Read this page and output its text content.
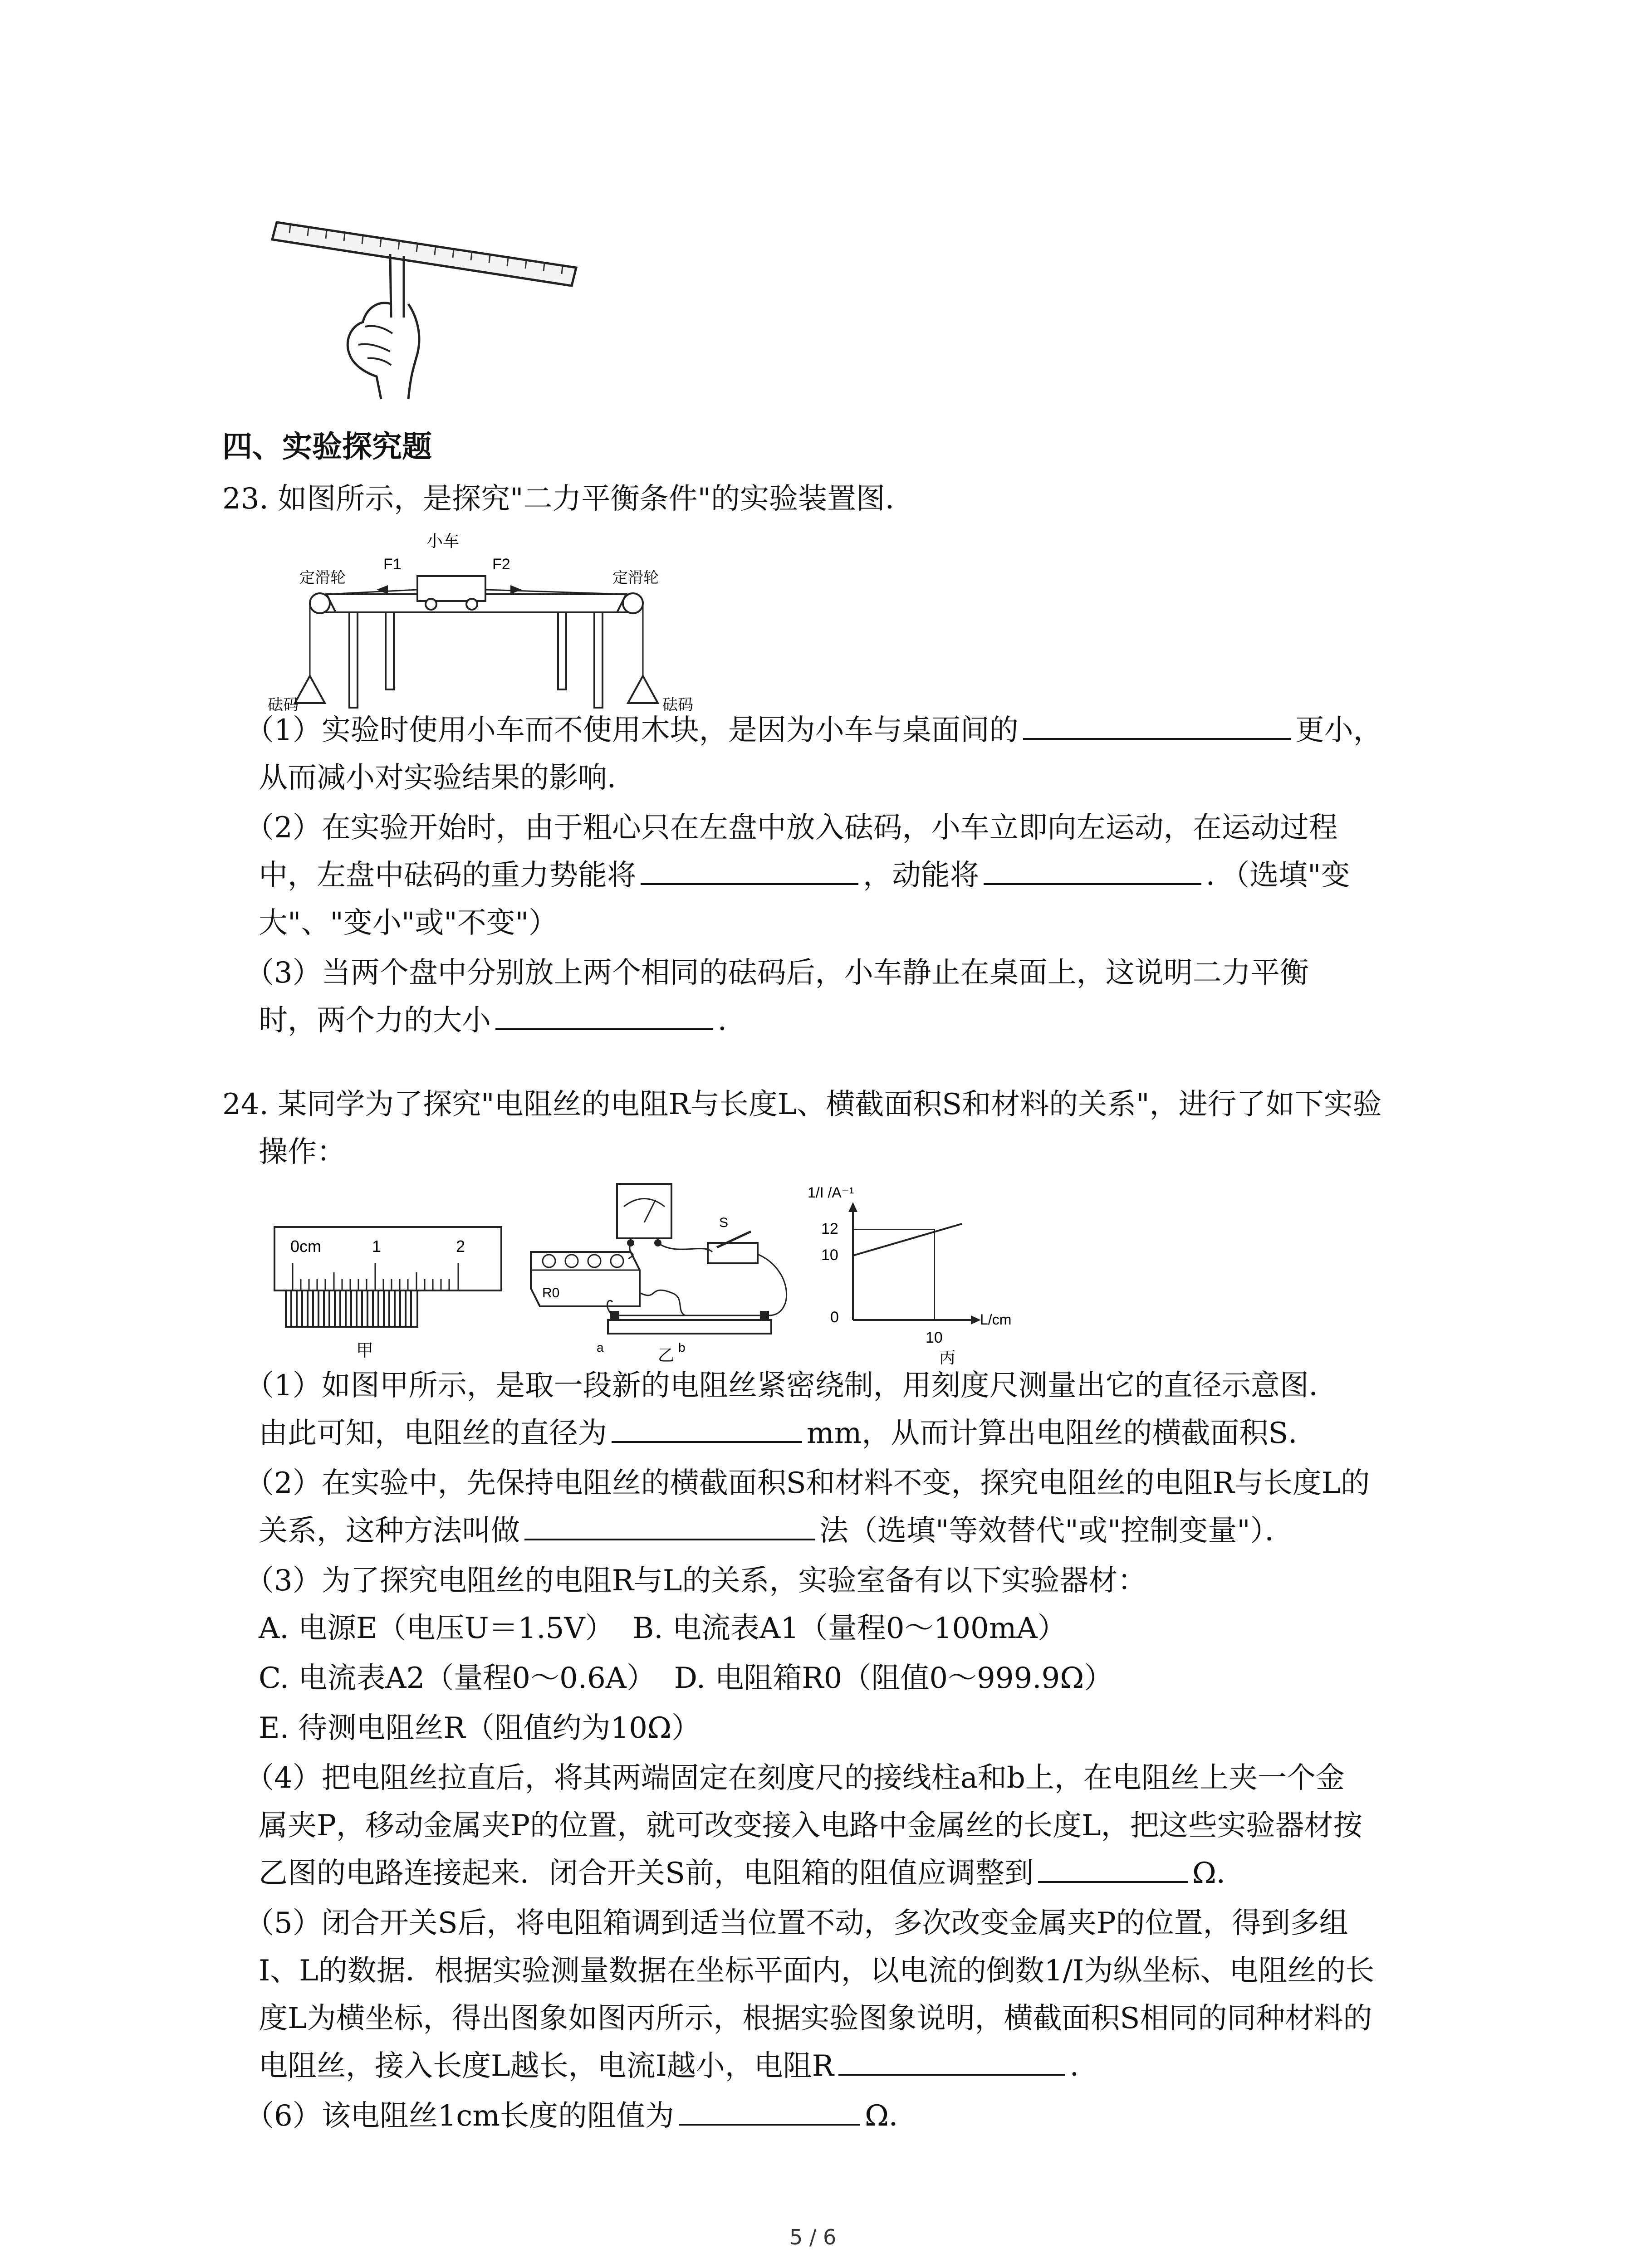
四、实验探究题
23. 如图所示，是探究"二力平衡条件"的实验装置图．
小车
F1	F2
定滑轮	定滑轮
砝码	砝码
（1）实验时使用小车而不使用木块，是因为小车与桌面间的	更小，
从而减小对实验结果的影响．
（2）在实验开始时，由于粗心只在左盘中放入砝码，小车立即向左运动，在运动过程
中，左盘中砝码的重力势能将	，动能将	．（选填"变
大"、"变小"或"不变"）
（3）当两个盘中分别放上两个相同的砝码后，小车静止在桌面上，这说明二力平衡
时，两个力的大小	．
24. 某同学为了探究"电阻丝的电阻R与长度L、横截面积S和材料的关系"，进行了如下实验
操作：
0cm	1	2
甲
R0
S
a	b
乙
1/I /A⁻¹
12
10
0
10
L/cm
丙
（1）如图甲所示，是取一段新的电阻丝紧密绕制，用刻度尺测量出它的直径示意图．
由此可知，电阻丝的直径为	mm，从而计算出电阻丝的横截面积S．
（2）在实验中，先保持电阻丝的横截面积S和材料不变，探究电阻丝的电阻R与长度L的
关系，这种方法叫做	法（选填"等效替代"或"控制变量"）．
（3）为了探究电阻丝的电阻R与L的关系，实验室备有以下实验器材：
A. 电源E（电压U＝1.5V） B. 电流表A1（量程0～100mA）
C. 电流表A2（量程0～0.6A） D. 电阻箱R0（阻值0～999.9Ω）
E. 待测电阻丝R（阻值约为10Ω）
（4）把电阻丝拉直后，将其两端固定在刻度尺的接线柱a和b上，在电阻丝上夹一个金
属夹P，移动金属夹P的位置，就可改变接入电路中金属丝的长度L，把这些实验器材按
乙图的电路连接起来．闭合开关S前，电阻箱的阻值应调整到	Ω．
（5）闭合开关S后，将电阻箱调到适当位置不动，多次改变金属夹P的位置，得到多组
I、L的数据．根据实验测量数据在坐标平面内，以电流的倒数1/I为纵坐标、电阻丝的长
度L为横坐标，得出图象如图丙所示，根据实验图象说明，横截面积S相同的同种材料的
电阻丝，接入长度L越长，电流I越小，电阻R	．
（6）该电阻丝1cm长度的阻值为	Ω．
5 / 6
